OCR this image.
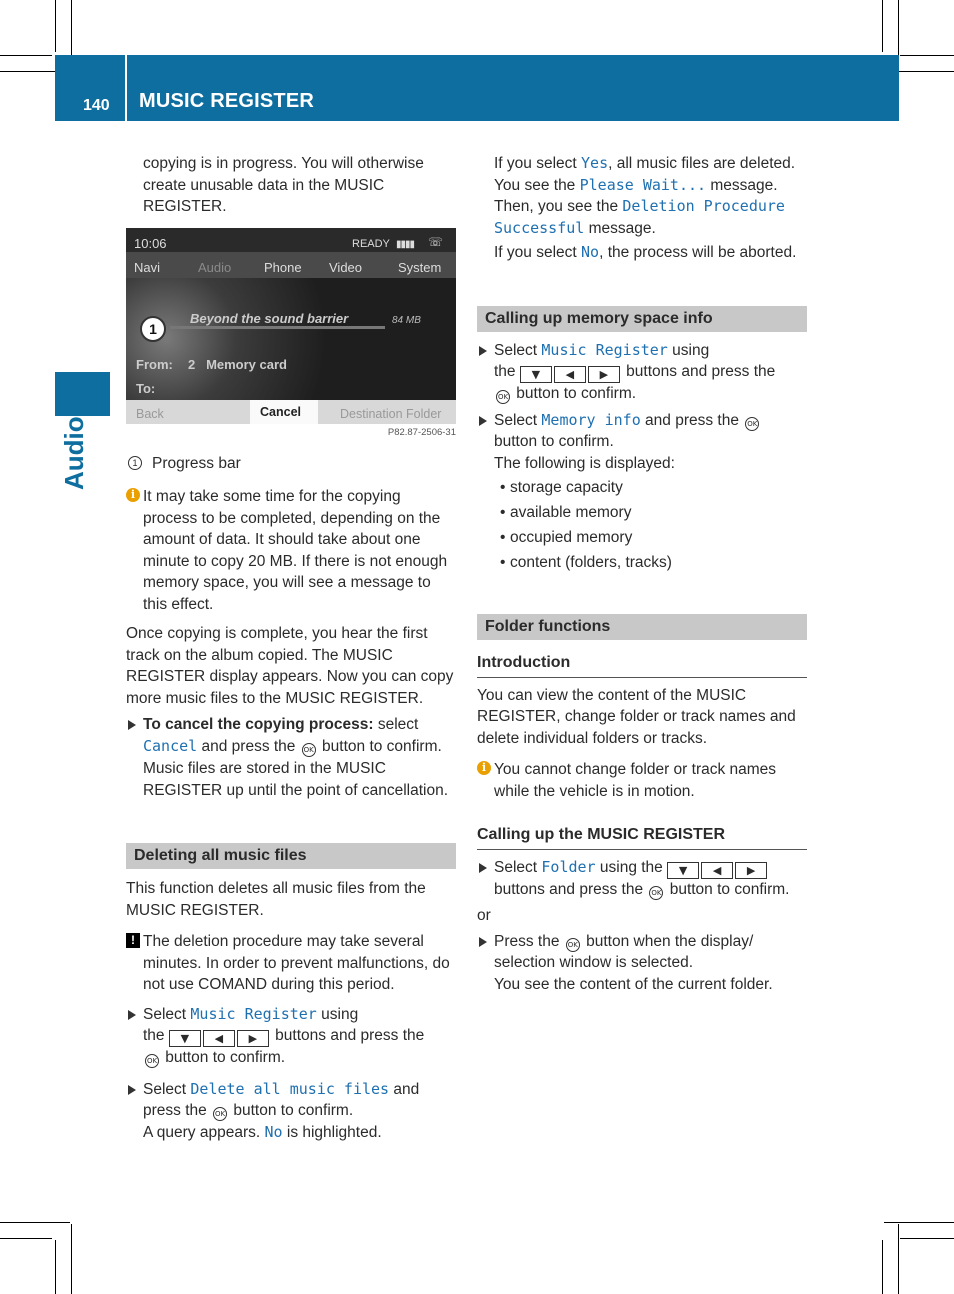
140 MUSIC REGISTER
Audio

copying is in progress. You will otherwise create unusable data in the MUSIC REGISTER.

10:06	READY ▮▮▮▮ ☏
Navi	Audio	Phone Video	System
Beyond the sound barrier	84 MB
From: 2   Memory card
To:
1
Back	Cancel	Destination Folder
P82.87-2506-31
1 Progress bar
i It may take some time for the copying process to be completed, depending on the amount of data. It should take about one minute to copy 20 MB. If there is not enough memory space, you will see a message to this effect.

Once copying is complete, you hear the first track on the album copied. The MUSIC REGISTER display appears. Now you can copy more music files to the MUSIC REGISTER.

To cancel the copying process: select Cancel and press the OK button to confirm.
Music files are stored in the MUSIC REGISTER up until the point of cancellation.
Deleting all music files

This function deletes all music files from the MUSIC REGISTER.

! The deletion procedure may take several minutes. In order to prevent malfunctions, do not use COMAND during this period.
Select Music Register using
the ▼ ◀ ▶ buttons and press the
OK button to confirm.
Select Delete all music files and
press the OK button to confirm.
A query appears. No is highlighted.
If you select Yes, all music files are deleted.
You see the Please Wait... message.
Then, you see the Deletion Procedure Successful message.
If you select No, the process will be aborted.
Calling up memory space info
Select Music Register using
the ▼ ◀ ▶ buttons and press the
OK button to confirm.
Select Memory info and press the OK
button to confirm.
The following is displayed:
• storage capacity
• available memory
• occupied memory
• content (folders, tracks)
Folder functions
Introduction

You can view the content of the MUSIC REGISTER, change folder or track names and delete individual folders or tracks.

i You cannot change folder or track names while the vehicle is in motion.
Calling up the MUSIC REGISTER
Select Folder using the ▼ ◀ ▶
buttons and press the OK button to confirm.

or

Press the OK button when the display/ selection window is selected.
You see the content of the current folder.
